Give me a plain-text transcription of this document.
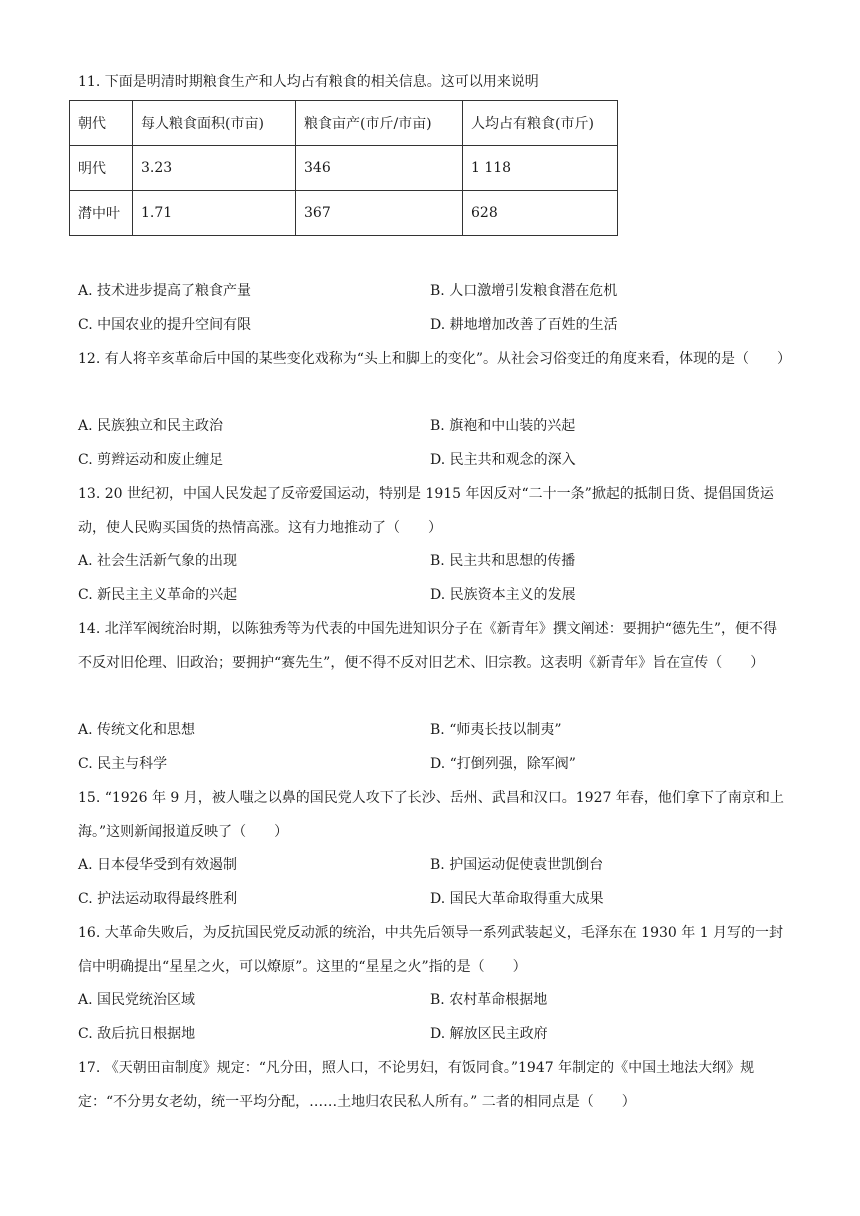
11. 下面是明清时期粮食生产和人均占有粮食的相关信息。这可以用来说明
朝代	每人粮食面积(市亩)	粮食亩产(市斤/市亩)	人均占有粮食(市斤)
明代	3.23	346	1 118
潸中叶	1.71	367	628
A. 技术进步提高了粮食产量	B. 人口激增引发粮食潜在危机
C. 中国农业的提升空间有限	D. 耕地增加改善了百姓的生活
12. 有人将辛亥革命后中国的某些变化戏称为“头上和脚上的变化”。从社会习俗变迁的角度来看，体现的是（　　）
A. 民族独立和民主政治	B. 旗袍和中山装的兴起
C. 剪辫运动和废止缠足	D. 民主共和观念的深入
13. 20 世纪初，中国人民发起了反帝爱国运动，特别是 1915 年因反对“二十一条”掀起的抵制日货、提倡国货运动，使人民购买国货的热情高涨。这有力地推动了（　　）
A. 社会生活新气象的出现	B. 民主共和思想的传播
C. 新民主主义革命的兴起	D. 民族资本主义的发展
14. 北洋军阀统治时期，以陈独秀等为代表的中国先进知识分子在《新青年》撰文阐述：要拥护“德先生”，便不得不反对旧伦理、旧政治；要拥护“赛先生”，便不得不反对旧艺术、旧宗教。这表明《新青年》旨在宣传（　　）
A. 传统文化和思想	B. “师夷长技以制夷”
C. 民主与科学	D. “打倒列强，除军阀”
15. “1926 年 9 月，被人嗤之以鼻的国民党人攻下了长沙、岳州、武昌和汉口。1927 年春，他们拿下了南京和上海。”这则新闻报道反映了（　　）
A. 日本侵华受到有效遏制	B. 护国运动促使袁世凯倒台
C. 护法运动取得最终胜利	D. 国民大革命取得重大成果
16. 大革命失败后，为反抗国民党反动派的统治，中共先后领导一系列武装起义，毛泽东在 1930 年 1 月写的一封信中明确提出“星星之火，可以燎原”。这里的“星星之火”指的是（　　）
A. 国民党统治区域	B. 农村革命根据地
C. 敌后抗日根据地	D. 解放区民主政府
17. 《天朝田亩制度》规定：“凡分田，照人口，不论男妇，有饭同食。”1947 年制定的《中国土地法大纲》规定：“不分男女老幼，统一平均分配，……土地归农民私人所有。” 二者的相同点是（　　）
